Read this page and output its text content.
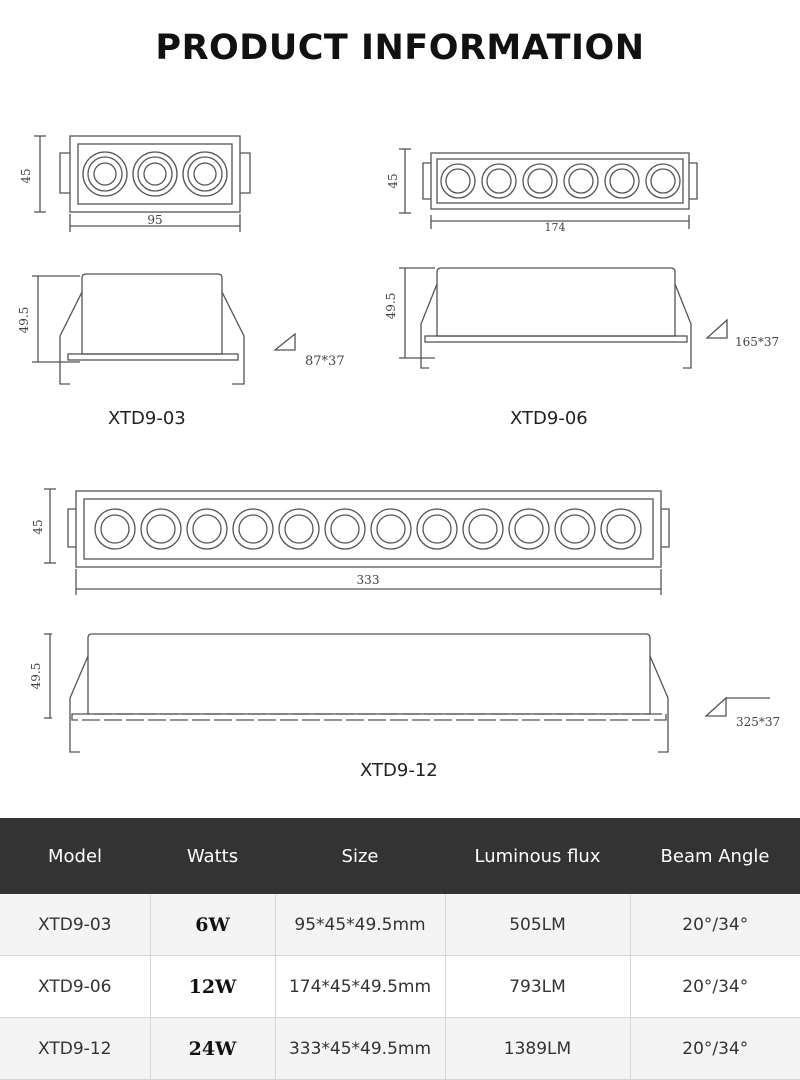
PRODUCT INFORMATION
45
95
49.5
87*37
XTD9-03
45
174
49.5
165*37
XTD9-06
45
333
49.5
325*37
XTD9-12
Model	Watts	Size	Luminous flux	Beam Angle
XTD9-03	6W	95*45*49.5mm	505LM	20°/34°
XTD9-06	12W	174*45*49.5mm	793LM	20°/34°
XTD9-12	24W	333*45*49.5mm	1389LM	20°/34°
